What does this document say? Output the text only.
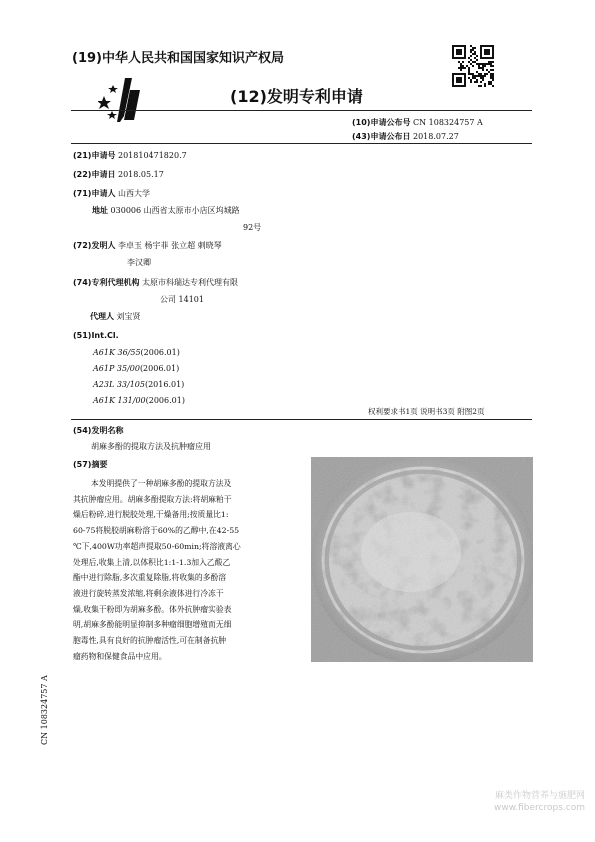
(19)中华人民共和国国家知识产权局
(12)发明专利申请
(10)申请公布号 CN 108324757 A
(43)申请公布日 2018.07.27
(21)申请号 201810471820.7
(22)申请日 2018.05.17
(71)申请人 山西大学
地址 030006 山西省太原市小店区坞城路
92号
(72)发明人 李卓玉 杨宇菲 张立超 刺晓琴
李汉卿
(74)专利代理机构 太原市科瑞达专利代理有限
公司 14101
代理人 刘宝贤
(51)Int.Cl.
A61K 36/55(2006.01)
A61P 35/00(2006.01)
A23L 33/105(2016.01)
A61K 131/00(2006.01)
权利要求书1页 说明书3页 附图2页
(54)发明名称
胡麻多酚的提取方法及抗肿瘤应用
(57)摘要
本发明提供了一种胡麻多酚的提取方法及
其抗肿瘤应用。胡麻多酚提取方法:将胡麻粕干
燥后粉碎,进行脱胶处理,干燥备用;按质量比1:
60-75将脱胶胡麻粉溶于60%的乙醇中,在42-55
℃下,400W功率超声提取50-60min;将溶液离心
处理后,收集上清,以体积比1:1-1.3加入乙酸乙
酯中进行除脂,多次重复除脂,将收集的多酚溶
液进行旋转蒸发浓缩,将剩余液体进行冷冻干
燥,收集干粉即为胡麻多酚。体外抗肿瘤实验表
明,胡麻多酚能明显抑制多种瘤细胞增殖而无细
胞毒性,具有良好的抗肿瘤活性,可在制备抗肿
瘤药物和保健食品中应用。
CN 108324757 A
麻类作物营养与施肥网
www.fibercrops.com
